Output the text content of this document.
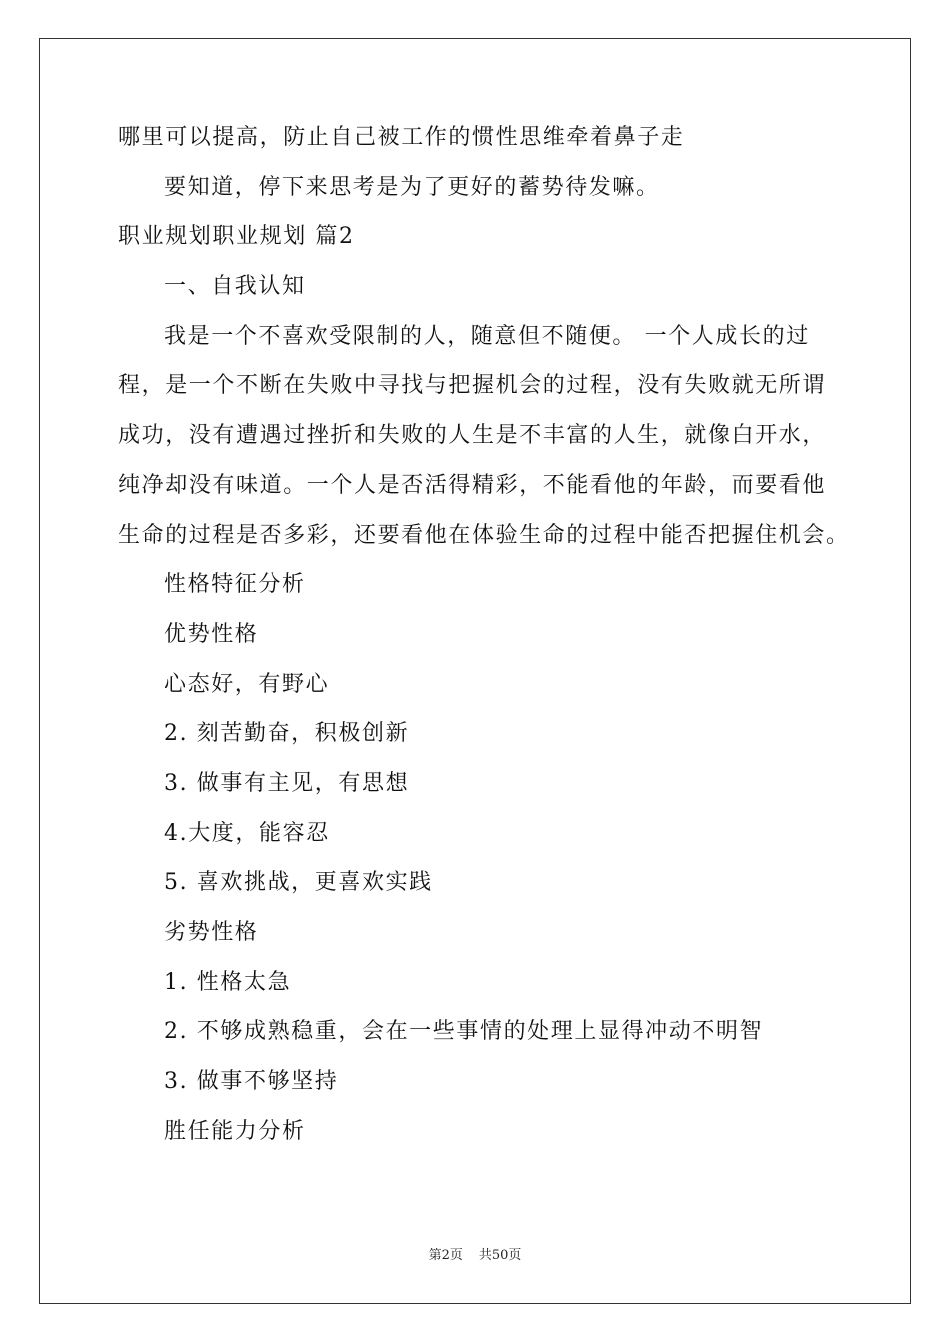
哪里可以提高，防止自己被工作的惯性思维牵着鼻子走
要知道，停下来思考是为了更好的蓄势待发嘛。
职业规划职业规划 篇2
一、自我认知
我是一个不喜欢受限制的人，随意但不随便。 一个人成长的过
程，是一个不断在失败中寻找与把握机会的过程，没有失败就无所谓
成功，没有遭遇过挫折和失败的人生是不丰富的人生，就像白开水，
纯净却没有味道。一个人是否活得精彩，不能看他的年龄，而要看他
生命的过程是否多彩，还要看他在体验生命的过程中能否把握住机会。
性格特征分析
优势性格
心态好，有野心
2. 刻苦勤奋，积极创新
3. 做事有主见，有思想
4.大度，能容忍
5. 喜欢挑战，更喜欢实践
劣势性格
1. 性格太急
2. 不够成熟稳重，会在一些事情的处理上显得冲动不明智
3. 做事不够坚持
胜任能力分析
第2页 共50页
